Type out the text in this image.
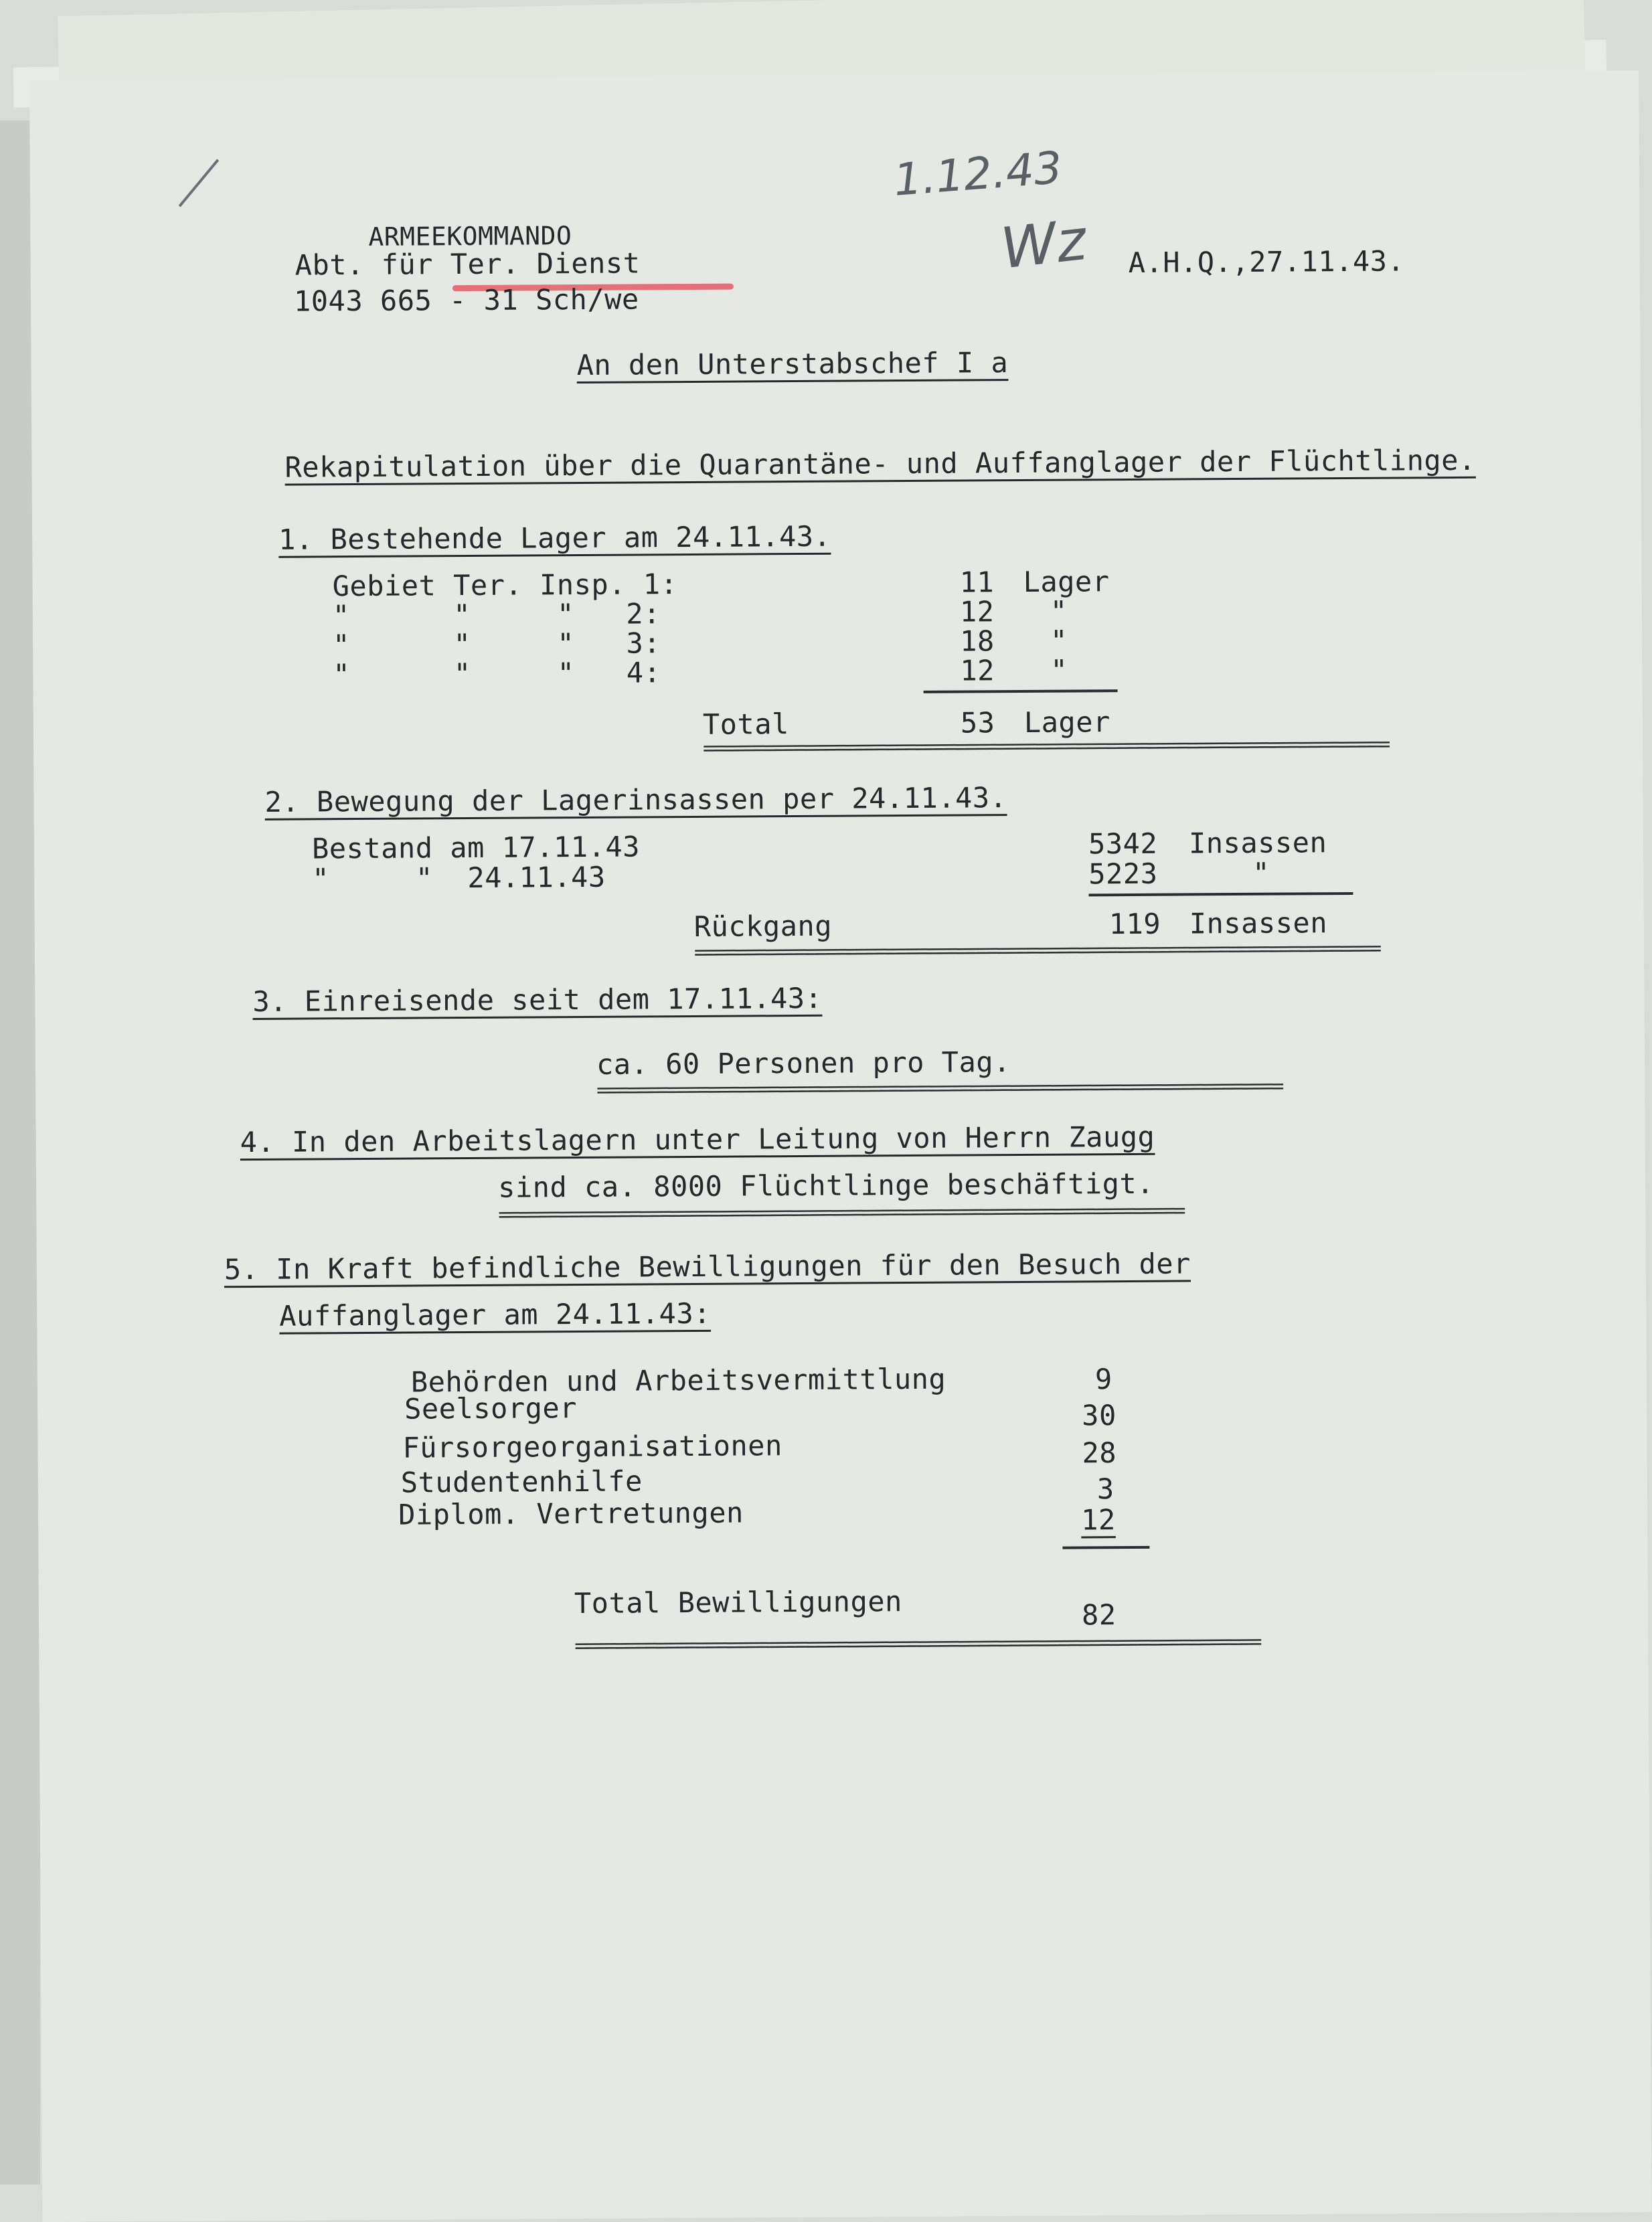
ARMEEKOMMANDO
Abt. für Ter. Dienst
1043 665 - 31 Sch/we
1.12.43
Wz A.H.Q.,27.11.43.
An den Unterstabschef I a
Rekapitulation über die Quarantäne- und Auffanglager der Flüchtlinge.
1. Bestehende Lager am 24.11.43.
Gebiet Ter. Insp. 1:	11 Lager
"      "     "   2:	12 "
"      "     "   3:	18 "
"      "     "   4:	12 "
Total	53 Lager
====================================================================
2. Bewegung der Lagerinsassen per 24.11.43.
Bestand am 17.11.43	5342 Insassen
"     "  24.11.43	5223	"
Rückgang	119 Insassen
====================================================================
3. Einreisende seit dem 17.11.43:
ca. 60 Personen pro Tag.
====================================================================
4. In den Arbeitslagern unter Leitung von Herrn Zaugg
sind ca. 8000 Flüchtlinge beschäftigt.
====================================================================
5. In Kraft befindliche Bewilligungen für den Besuch der
Auffanglager am 24.11.43:
Behörden und Arbeitsvermittlung	9
Seelsorger	30
Fürsorgeorganisationen	28
Studentenhilfe	3
Diplom. Vertretungen	12
Total Bewilligungen	82
====================================================================
